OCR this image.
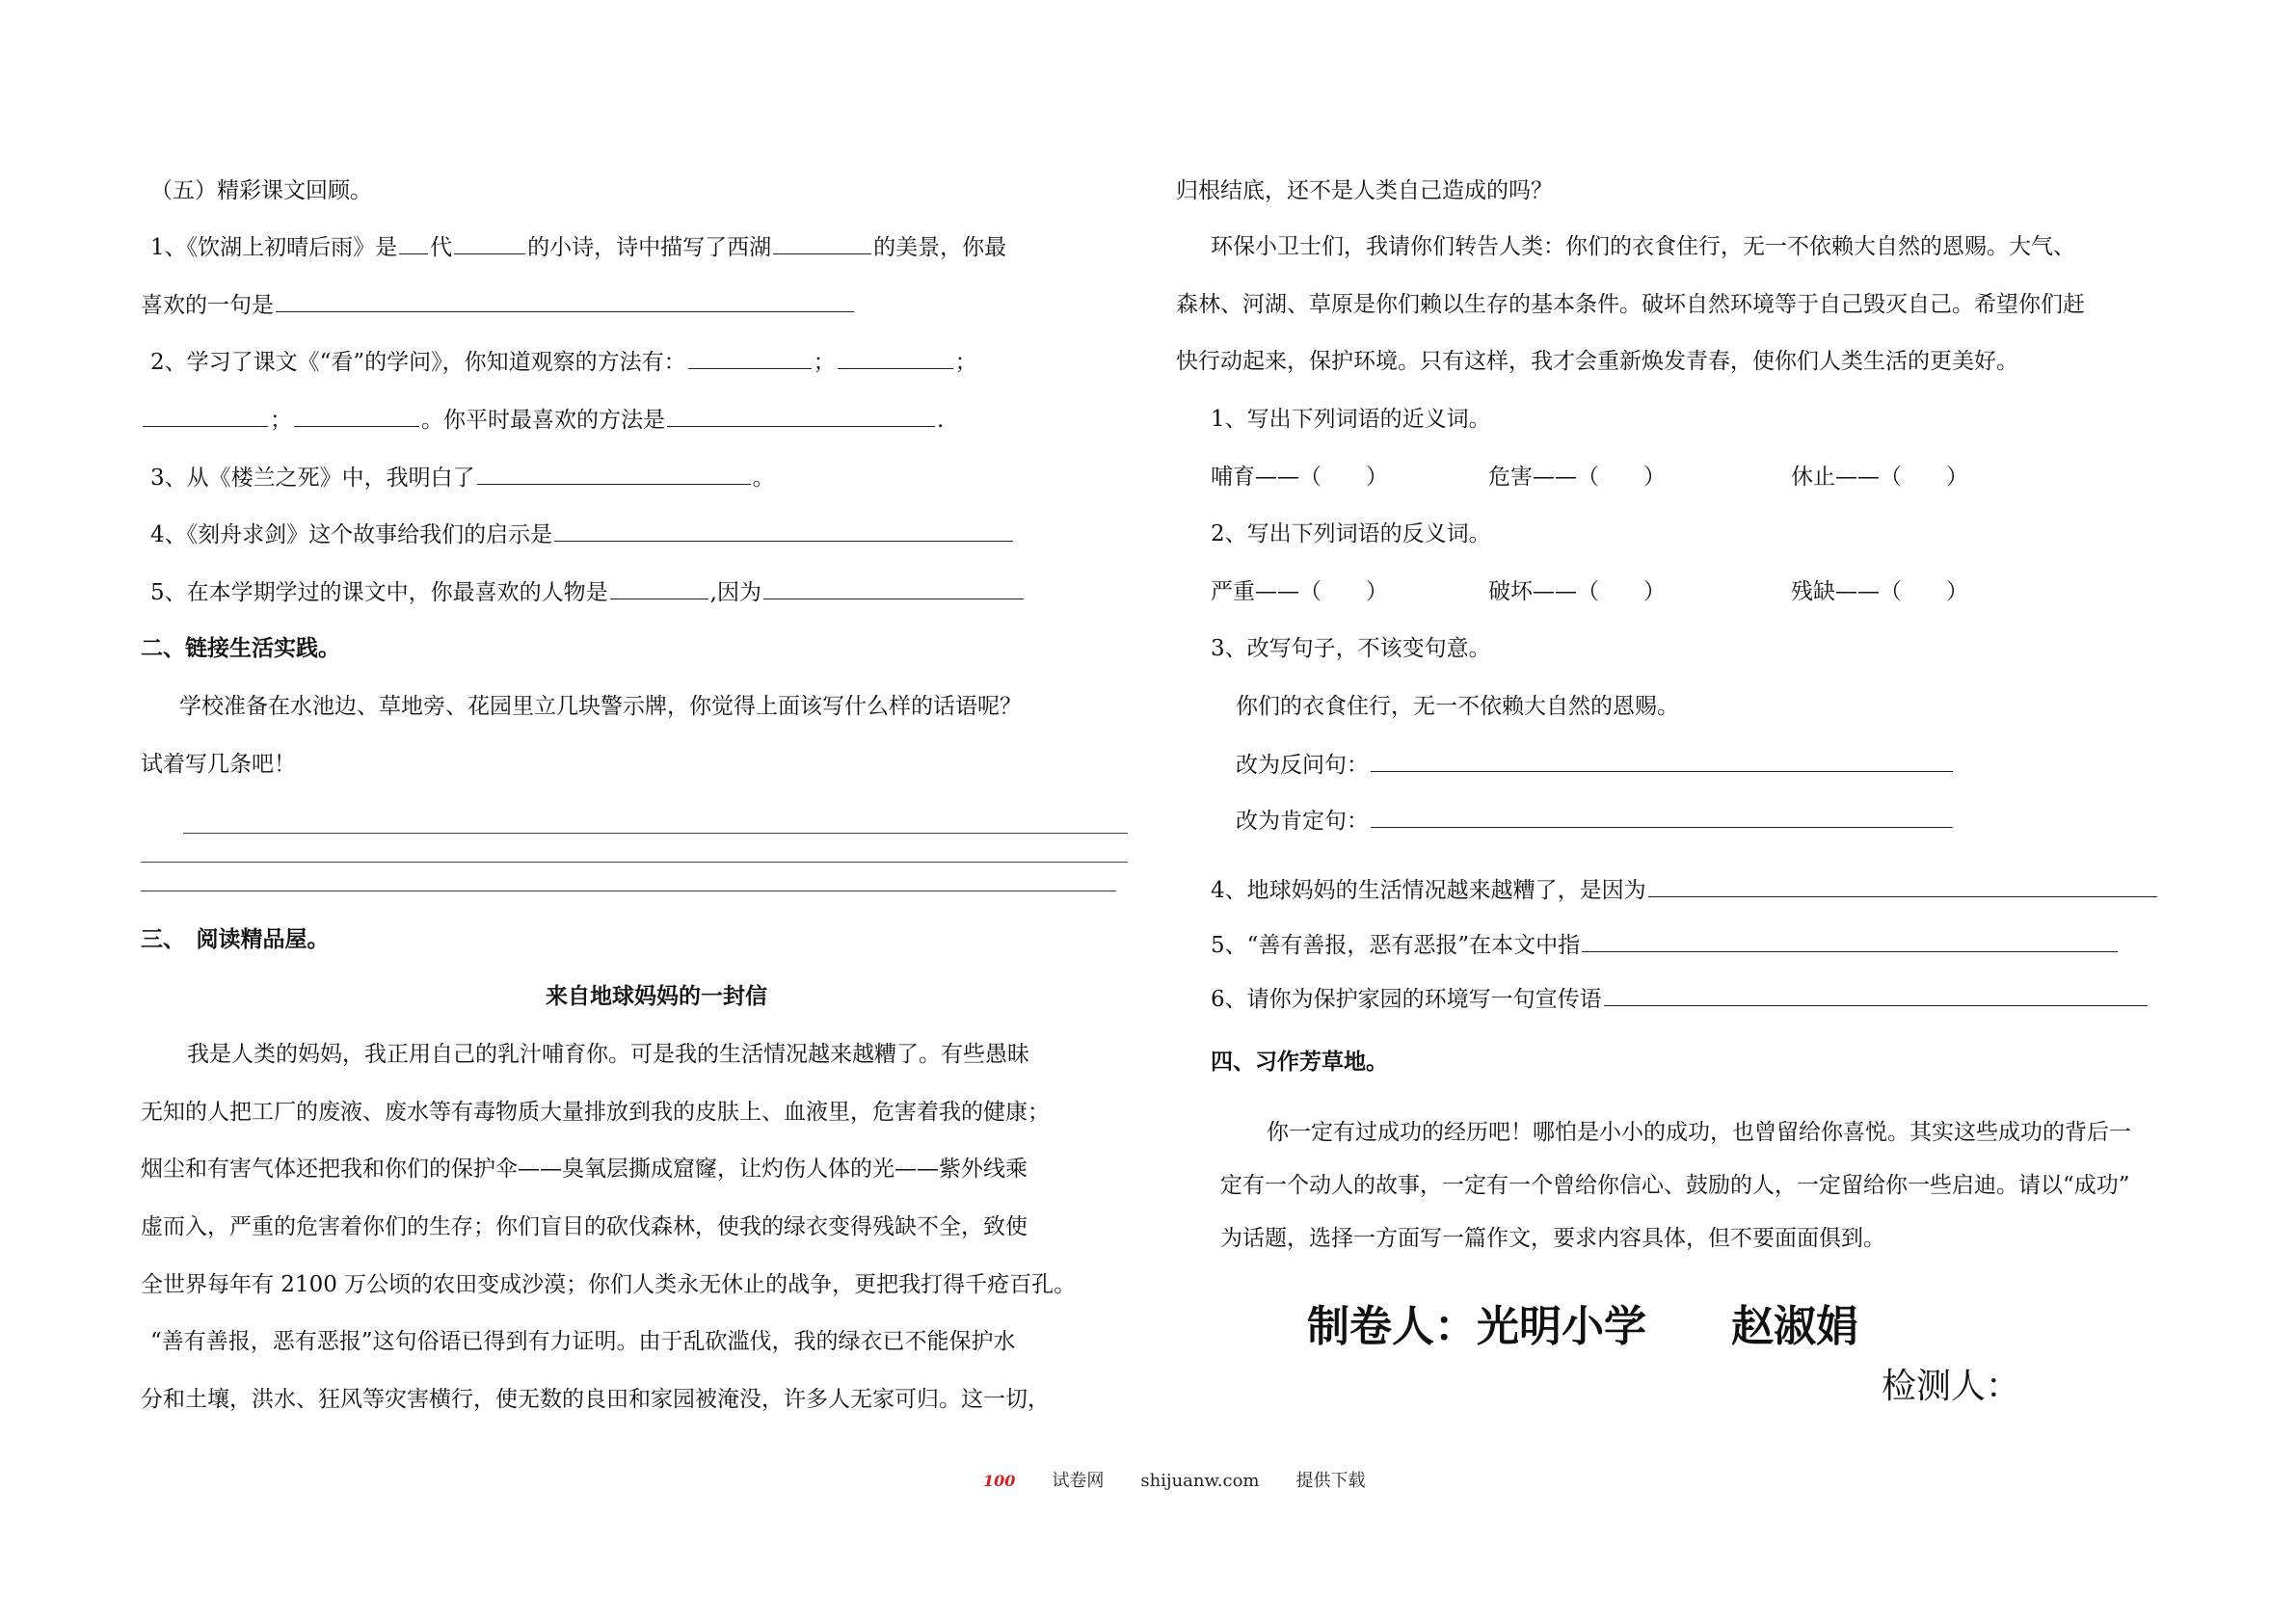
（五）精彩课文回顾。
1、《饮湖上初晴后雨》是 代	的小诗，诗中描写了西湖	的美景，你最
喜欢的一句是
2、学习了课文《“看”的学问》，你知道观察的方法有：	；	；
；	。你平时最喜欢的方法是	.
3、从《楼兰之死》中，我明白了	。
4、《刻舟求剑》这个故事给我们的启示是
5、在本学期学过的课文中，你最喜欢的人物是	,因为
二、链接生活实践。
学校准备在水池边、草地旁、花园里立几块警示牌，你觉得上面该写什么样的话语呢？
试着写几条吧！
三、　阅读精品屋。
来自地球妈妈的一封信
我是人类的妈妈，我正用自己的乳汁哺育你。可是我的生活情况越来越糟了。有些愚昧
无知的人把工厂的废液、废水等有毒物质大量排放到我的皮肤上、血液里，危害着我的健康；
烟尘和有害气体还把我和你们的保护伞——臭氧层撕成窟窿，让灼伤人体的光——紫外线乘
虚而入，严重的危害着你们的生存；你们盲目的砍伐森林，使我的绿衣变得残缺不全，致使
全世界每年有 2100 万公顷的农田变成沙漠；你们人类永无休止的战争，更把我打得千疮百孔。
“善有善报，恶有恶报”这句俗语已得到有力证明。由于乱砍滥伐，我的绿衣已不能保护水
分和土壤，洪水、狂风等灾害横行，使无数的良田和家园被淹没，许多人无家可归。这一切，
归根结底，还不是人类自己造成的吗？
环保小卫士们，我请你们转告人类：你们的衣食住行，无一不依赖大自然的恩赐。大气、
森林、河湖、草原是你们赖以生存的基本条件。破坏自然环境等于自己毁灭自己。希望你们赶
快行动起来，保护环境。只有这样，我才会重新焕发青春，使你们人类生活的更美好。
1、写出下列词语的近义词。
哺育——（　　）	危害——（　　）	休止——（　　）
2、写出下列词语的反义词。
严重——（　　）	破坏——（　　）	残缺——（　　）
3、改写句子，不该变句意。
你们的衣食住行，无一不依赖大自然的恩赐。
改为反问句：
改为肯定句：
4、地球妈妈的生活情况越来越糟了，是因为
5、“善有善报，恶有恶报”在本文中指
6、请你为保护家园的环境写一句宣传语
四、习作芳草地。
你一定有过成功的经历吧！哪怕是小小的成功，也曾留给你喜悦。其实这些成功的背后一
定有一个动人的故事，一定有一个曾给你信心、鼓励的人，一定留给你一些启迪。请以“成功”
为话题，选择一方面写一篇作文，要求内容具体，但不要面面俱到。
制卷人：光明小学　　赵淑娟
检测人：
100 试卷网 shijuanw.com 提供下载
